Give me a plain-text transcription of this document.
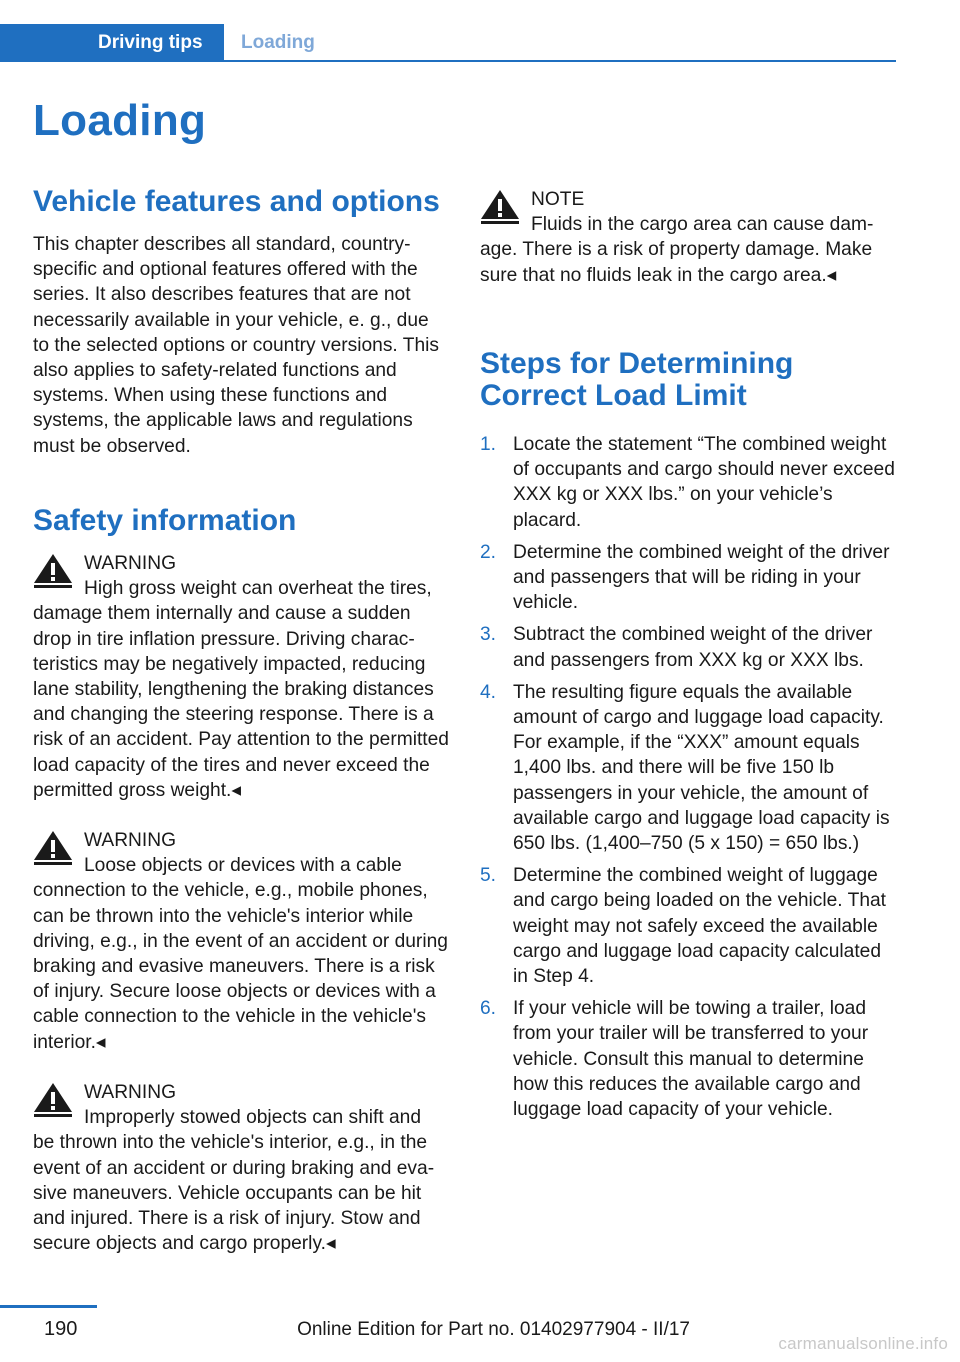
Driving tips	Loading
Loading
Vehicle features and options

This chapter describes all standard, country-specific and optional features offered with the series. It also describes features that are not necessarily available in your vehicle, e. g., due to the selected options or country versions. This also applies to safety-related functions and systems. When using these functions and systems, the applicable laws and regulations must be observed.

Safety information
WARNING
High gross weight can overheat the tires,
damage them internally and cause a sudden drop in tire inflation pressure. Driving characteristics may be negatively impacted, reducing lane stability, lengthening the braking distances and changing the steering response. There is a risk of an accident. Pay attention to the permitted load capacity of the tires and never exceed the permitted gross weight.◂
WARNING
Loose objects or devices with a cable
connection to the vehicle, e.g., mobile phones, can be thrown into the vehicle's interior while driving, e.g., in the event of an accident or during braking and evasive maneuvers. There is a risk of injury. Secure loose objects or devices with a cable connection to the vehicle in the vehicle's interior.◂
WARNING
Improperly stowed objects can shift and
be thrown into the vehicle's interior, e.g., in the event of an accident or during braking and evasive maneuvers. Vehicle occupants can be hit and injured. There is a risk of injury. Stow and secure objects and cargo properly.◂
NOTE
Fluids in the cargo area can cause dam-
age. There is a risk of property damage. Make sure that no fluids leak in the cargo area.◂
Steps for Determining Correct Load Limit
1. Locate the statement “The combined weight of occupants and cargo should never exceed XXX kg or XXX lbs.” on your vehicle’s placard.
2. Determine the combined weight of the driver and passengers that will be riding in your vehicle.
3. Subtract the combined weight of the driver and passengers from XXX kg or XXX lbs.
4. The resulting figure equals the available amount of cargo and luggage load capacity. For example, if the “XXX” amount equals 1,400 lbs. and there will be five 150 lb passengers in your vehicle, the amount of available cargo and luggage load capacity is 650 lbs. (1,400–750 (5 x 150) = 650 lbs.)
5. Determine the combined weight of luggage and cargo being loaded on the vehicle. That weight may not safely exceed the available cargo and luggage load capacity calculated in Step 4.
6. If your vehicle will be towing a trailer, load from your trailer will be transferred to your vehicle. Consult this manual to determine how this reduces the available cargo and luggage load capacity of your vehicle.
190	Online Edition for Part no. 01402977904 - II/17
carmanualsonline.info
